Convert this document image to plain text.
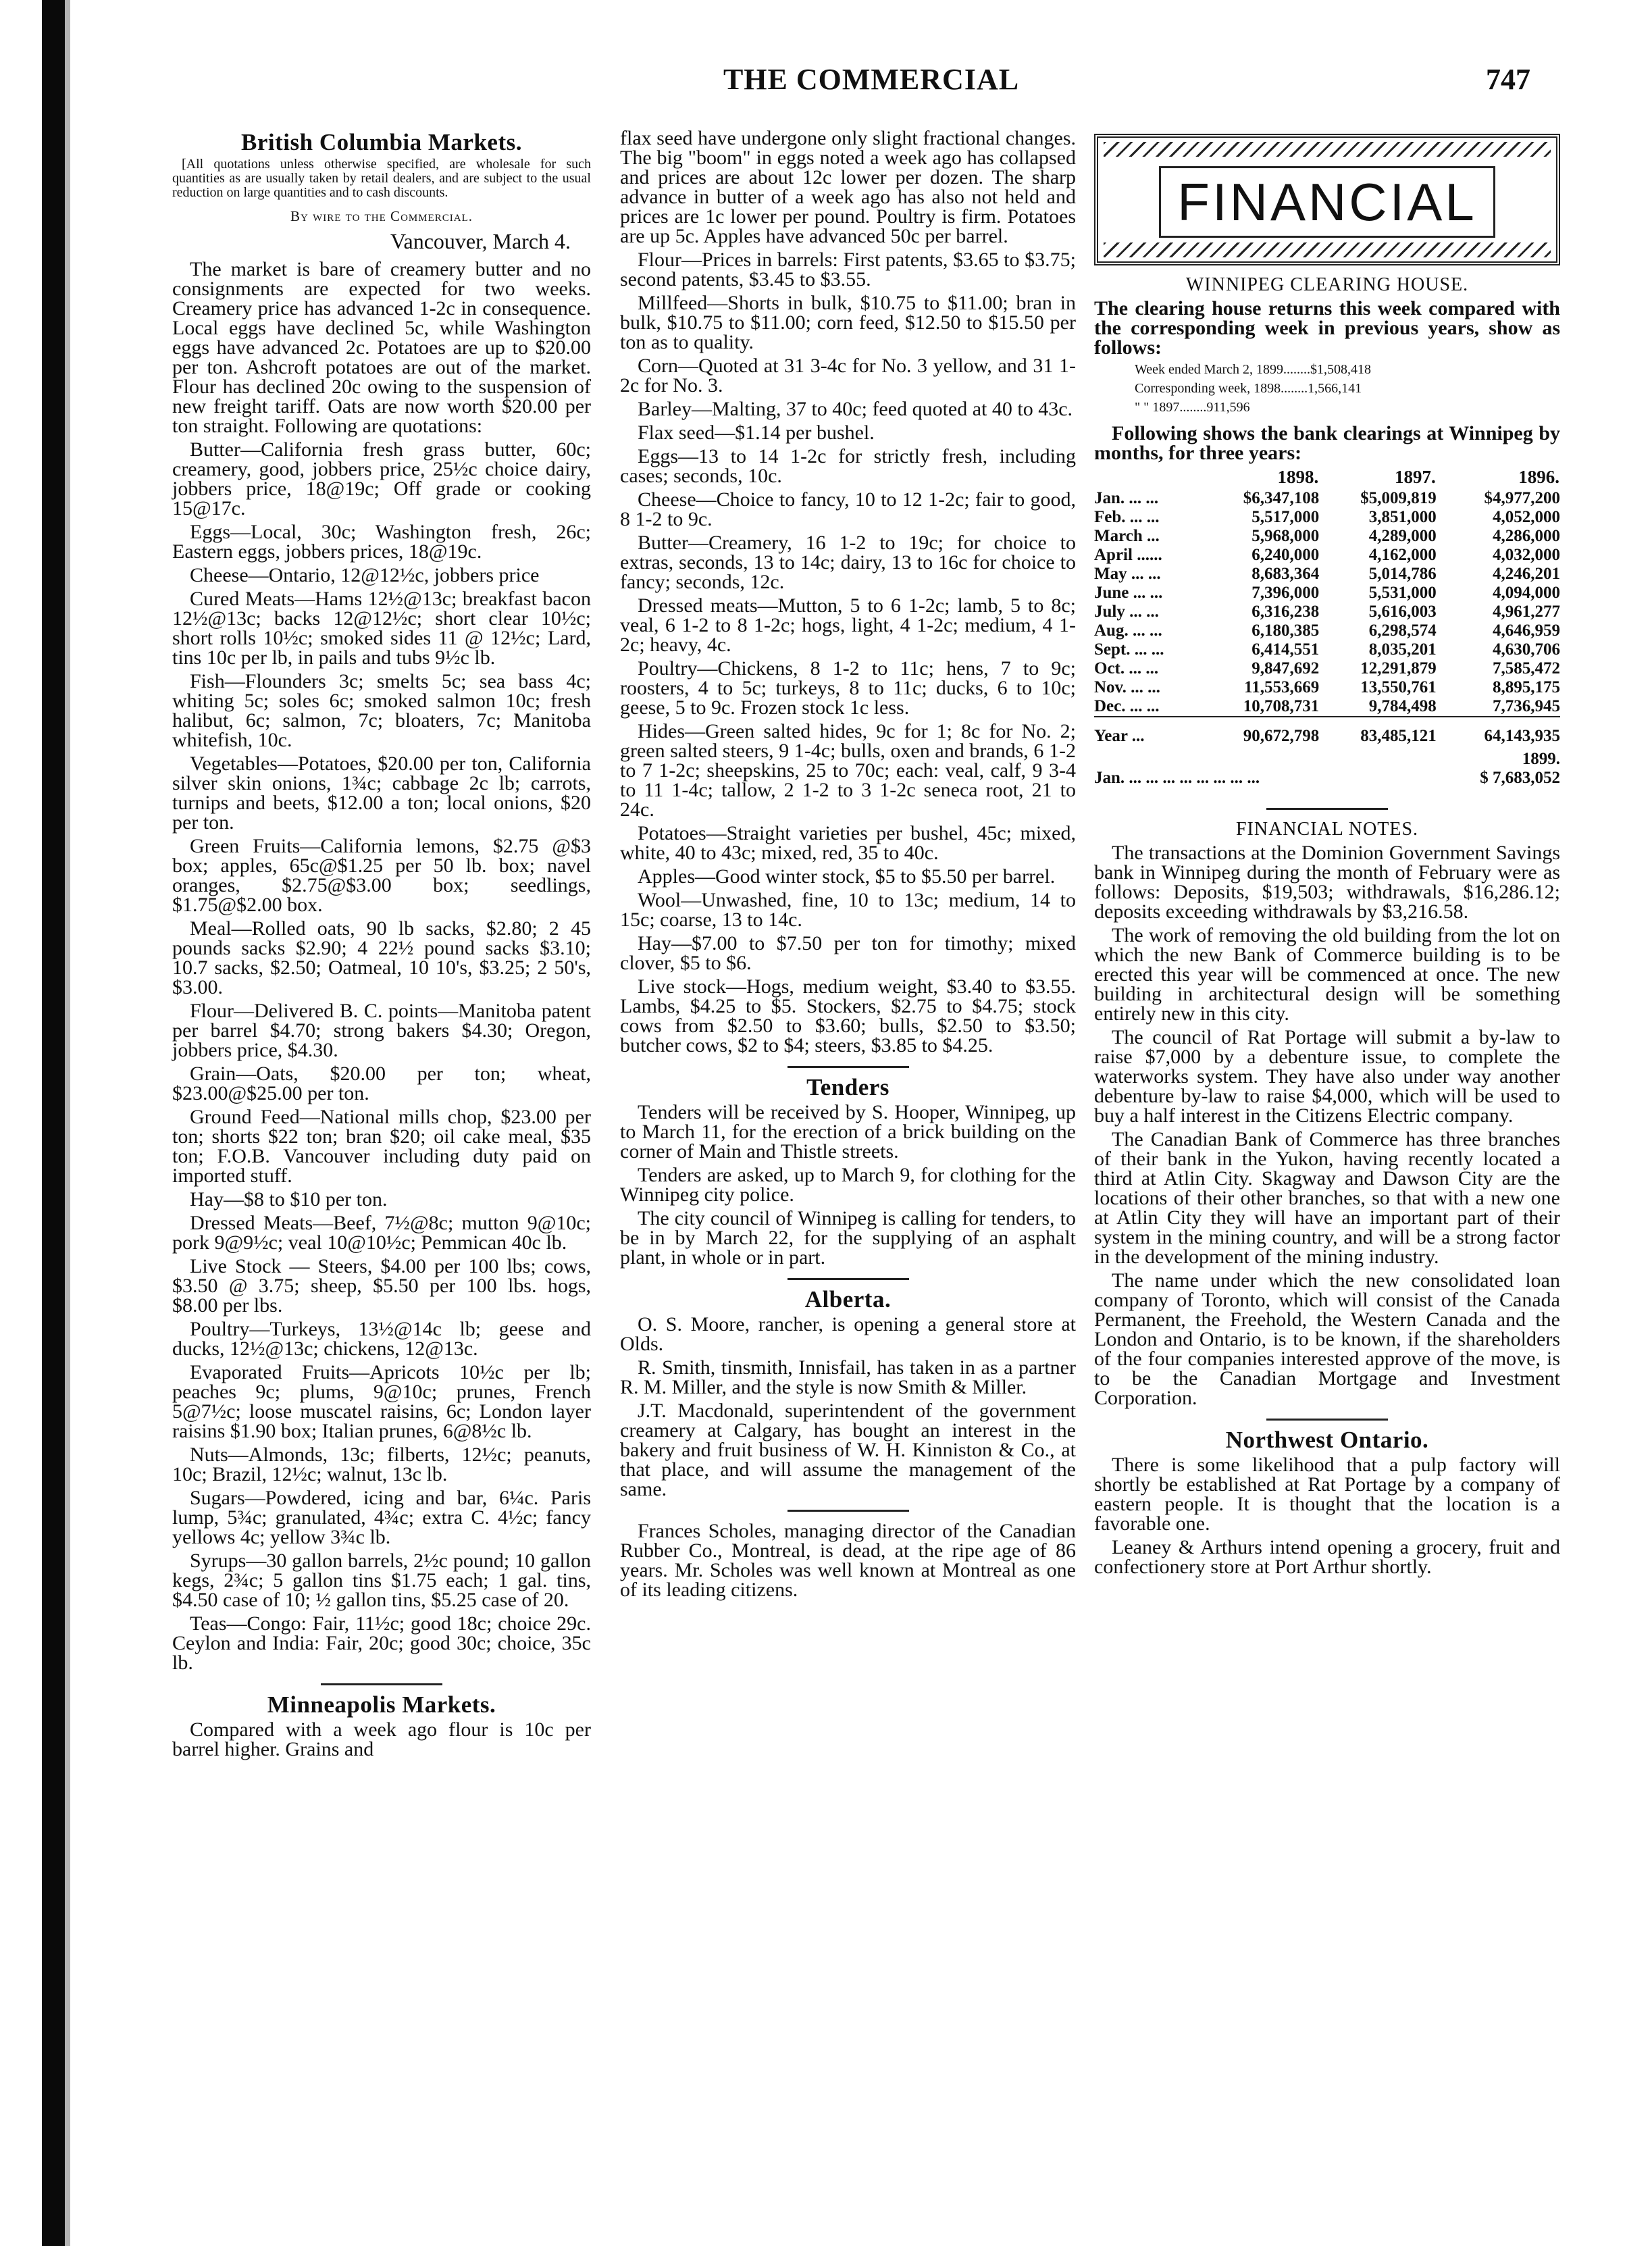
THE COMMERCIAL	747
British Columbia Markets.

[All quotations unless otherwise specified, are wholesale for such quantities as are usually taken by retail dealers, and are subject to the usual reduction on large quantities and to cash discounts.

By wire to the Commercial.
Vancouver, March 4.

The market is bare of creamery butter and no consignments are expected for two weeks. Creamery price has advanced 1-2c in consequence. Local eggs have declined 5c, while Washington eggs have advanced 2c. Potatoes are up to $20.00 per ton. Ashcroft potatoes are out of the market. Flour has declined 20c owing to the suspension of new freight tariff. Oats are now worth $20.00 per ton straight. Following are quotations:

Butter—California fresh grass butter, 60c; creamery, good, jobbers price, 25½c choice dairy, jobbers price, 18@19c; Off grade or cooking 15@17c.

Eggs—Local, 30c; Washington fresh, 26c; Eastern eggs, jobbers prices, 18@19c.

Cheese—Ontario, 12@12½c, jobbers price

Cured Meats—Hams 12½@13c; breakfast bacon 12½@13c; backs 12@12½c; short clear 10½c; short rolls 10½c; smoked sides 11 @ 12½c; Lard, tins 10c per lb, in pails and tubs 9½c lb.

Fish—Flounders 3c; smelts 5c; sea bass 4c; whiting 5c; soles 6c; smoked salmon 10c; fresh halibut, 6c; salmon, 7c; bloaters, 7c; Manitoba whitefish, 10c.

Vegetables—Potatoes, $20.00 per ton, California silver skin onions, 1¾c; cabbage 2c lb; carrots, turnips and beets, $12.00 a ton; local onions, $20 per ton.

Green Fruits—California lemons, $2.75 @$3 box; apples, 65c@$1.25 per 50 lb. box; navel oranges, $2.75@$3.00 box; seedlings, $1.75@$2.00 box.

Meal—Rolled oats, 90 lb sacks, $2.80; 2 45 pounds sacks $2.90; 4 22½ pound sacks $3.10; 10.7 sacks, $2.50; Oatmeal, 10 10's, $3.25; 2 50's, $3.00.

Flour—Delivered B. C. points—Manitoba patent per barrel $4.70; strong bakers $4.30; Oregon, jobbers price, $4.30.

Grain—Oats, $20.00 per ton; wheat, $23.00@$25.00 per ton.

Ground Feed—National mills chop, $23.00 per ton; shorts $22 ton; bran $20; oil cake meal, $35 ton; F.O.B. Vancouver including duty paid on imported stuff.

Hay—$8 to $10 per ton.

Dressed Meats—Beef, 7½@8c; mutton 9@10c; pork 9@9½c; veal 10@10½c; Pemmican 40c lb.

Live Stock — Steers, $4.00 per 100 lbs; cows, $3.50 @ 3.75; sheep, $5.50 per 100 lbs. hogs, $8.00 per lbs.

Poultry—Turkeys, 13½@14c lb; geese and ducks, 12½@13c; chickens, 12@13c.

Evaporated Fruits—Apricots 10½c per lb; peaches 9c; plums, 9@10c; prunes, French 5@7½c; loose muscatel raisins, 6c; London layer raisins $1.90 box; Italian prunes, 6@8½c lb.

Nuts—Almonds, 13c; filberts, 12½c; peanuts, 10c; Brazil, 12½c; walnut, 13c lb.

Sugars—Powdered, icing and bar, 6¼c. Paris lump, 5¾c; granulated, 4¾c; extra C. 4½c; fancy yellows 4c; yellow 3¾c lb.

Syrups—30 gallon barrels, 2½c pound; 10 gallon kegs, 2¾c; 5 gallon tins $1.75 each; 1 gal. tins, $4.50 case of 10; ½ gallon tins, $5.25 case of 20.

Teas—Congo: Fair, 11½c; good 18c; choice 29c. Ceylon and India: Fair, 20c; good 30c; choice, 35c lb.

Minneapolis Markets.

Compared with a week ago flour is 10c per barrel higher. Grains and

flax seed have undergone only slight fractional changes. The big "boom" in eggs noted a week ago has collapsed and prices are about 12c lower per dozen. The sharp advance in butter of a week ago has also not held and prices are 1c lower per pound. Poultry is firm. Potatoes are up 5c. Apples have advanced 50c per barrel.

Flour—Prices in barrels: First patents, $3.65 to $3.75; second patents, $3.45 to $3.55.

Millfeed—Shorts in bulk, $10.75 to $11.00; bran in bulk, $10.75 to $11.00; corn feed, $12.50 to $15.50 per ton as to quality.

Corn—Quoted at 31 3-4c for No. 3 yellow, and 31 1-2c for No. 3.

Barley—Malting, 37 to 40c; feed quoted at 40 to 43c.

Flax seed—$1.14 per bushel.

Eggs—13 to 14 1-2c for strictly fresh, including cases; seconds, 10c.

Cheese—Choice to fancy, 10 to 12 1-2c; fair to good, 8 1-2 to 9c.

Butter—Creamery, 16 1-2 to 19c; for choice to extras, seconds, 13 to 14c; dairy, 13 to 16c for choice to fancy; seconds, 12c.

Dressed meats—Mutton, 5 to 6 1-2c; lamb, 5 to 8c; veal, 6 1-2 to 8 1-2c; hogs, light, 4 1-2c; medium, 4 1-2c; heavy, 4c.

Poultry—Chickens, 8 1-2 to 11c; hens, 7 to 9c; roosters, 4 to 5c; turkeys, 8 to 11c; ducks, 6 to 10c; geese, 5 to 9c. Frozen stock 1c less.

Hides—Green salted hides, 9c for 1; 8c for No. 2; green salted steers, 9 1-4c; bulls, oxen and brands, 6 1-2 to 7 1-2c; sheepskins, 25 to 70c; each: veal, calf, 9 3-4 to 11 1-4c; tallow, 2 1-2 to 3 1-2c seneca root, 21 to 24c.

Potatoes—Straight varieties per bushel, 45c; mixed, white, 40 to 43c; mixed, red, 35 to 40c.

Apples—Good winter stock, $5 to $5.50 per barrel.

Wool—Unwashed, fine, 10 to 13c; medium, 14 to 15c; coarse, 13 to 14c.

Hay—$7.00 to $7.50 per ton for timothy; mixed clover, $5 to $6.

Live stock—Hogs, medium weight, $3.40 to $3.55. Lambs, $4.25 to $5. Stockers, $2.75 to $4.75; stock cows from $2.50 to $3.60; bulls, $2.50 to $3.50; butcher cows, $2 to $4; steers, $3.85 to $4.25.

Tenders

Tenders will be received by S. Hooper, Winnipeg, up to March 11, for the erection of a brick building on the corner of Main and Thistle streets.

Tenders are asked, up to March 9, for clothing for the Winnipeg city police.

The city council of Winnipeg is calling for tenders, to be in by March 22, for the supplying of an asphalt plant, in whole or in part.

Alberta.

O. S. Moore, rancher, is opening a general store at Olds.

R. Smith, tinsmith, Innisfail, has taken in as a partner R. M. Miller, and the style is now Smith & Miller.

J.T. Macdonald, superintendent of the government creamery at Calgary, has bought an interest in the bakery and fruit business of W. H. Kinniston & Co., at that place, and will assume the management of the same.

Frances Scholes, managing director of the Canadian Rubber Co., Montreal, is dead, at the ripe age of 86 years. Mr. Scholes was well known at Montreal as one of its leading citizens.

FINANCIAL
WINNIPEG CLEARING HOUSE.

The clearing house returns this week compared with the corresponding week in previous years, show as follows:

Week ended March 2, 1899........$1,508,418
Corresponding week, 1898........1,566,141
" " 1897........911,596

Following shows the bank clearings at Winnipeg by months, for three years:

	1898.	1897.	1896.
Jan. ... ...	$6,347,108	$5,009,819	$4,977,200
Feb. ... ...	5,517,000	3,851,000	4,052,000
March ...	5,968,000	4,289,000	4,286,000
April ......	6,240,000	4,162,000	4,032,000
May ... ...	8,683,364	5,014,786	4,246,201
June ... ...	7,396,000	5,531,000	4,094,000
July ... ...	6,316,238	5,616,003	4,961,277
Aug. ... ...	6,180,385	6,298,574	4,646,959
Sept. ... ...	6,414,551	8,035,201	4,630,706
Oct. ... ...	9,847,692	12,291,879	7,585,472
Nov. ... ...	11,553,669	13,550,761	8,895,175
Dec. ... ...	10,708,731	9,784,498	7,736,945
Year ...	90,672,798	83,485,121	64,143,935
			1899.
Jan. ... ... ... ... ... ... ... ...			$ 7,683,052
FINANCIAL NOTES.

The transactions at the Dominion Government Savings bank in Winnipeg during the month of February were as follows: Deposits, $19,503; withdrawals, $16,286.12; deposits exceeding withdrawals by $3,216.58.

The work of removing the old building from the lot on which the new Bank of Commerce building is to be erected this year will be commenced at once. The new building in architectural design will be something entirely new in this city.

The council of Rat Portage will submit a by-law to raise $7,000 by a debenture issue, to complete the waterworks system. They have also under way another debenture by-law to raise $4,000, which will be used to buy a half interest in the Citizens Electric company.

The Canadian Bank of Commerce has three branches of their bank in the Yukon, having recently located a third at Atlin City. Skagway and Dawson City are the locations of their other branches, so that with a new one at Atlin City they will have an important part of their system in the mining country, and will be a strong factor in the development of the mining industry.

The name under which the new consolidated loan company of Toronto, which will consist of the Canada Permanent, the Freehold, the Western Canada and the London and Ontario, is to be known, if the shareholders of the four companies interested approve of the move, is to be the Canadian Mortgage and Investment Corporation.

Northwest Ontario.

There is some likelihood that a pulp factory will shortly be established at Rat Portage by a company of eastern people. It is thought that the location is a favorable one.

Leaney & Arthurs intend opening a grocery, fruit and confectionery store at Port Arthur shortly.
